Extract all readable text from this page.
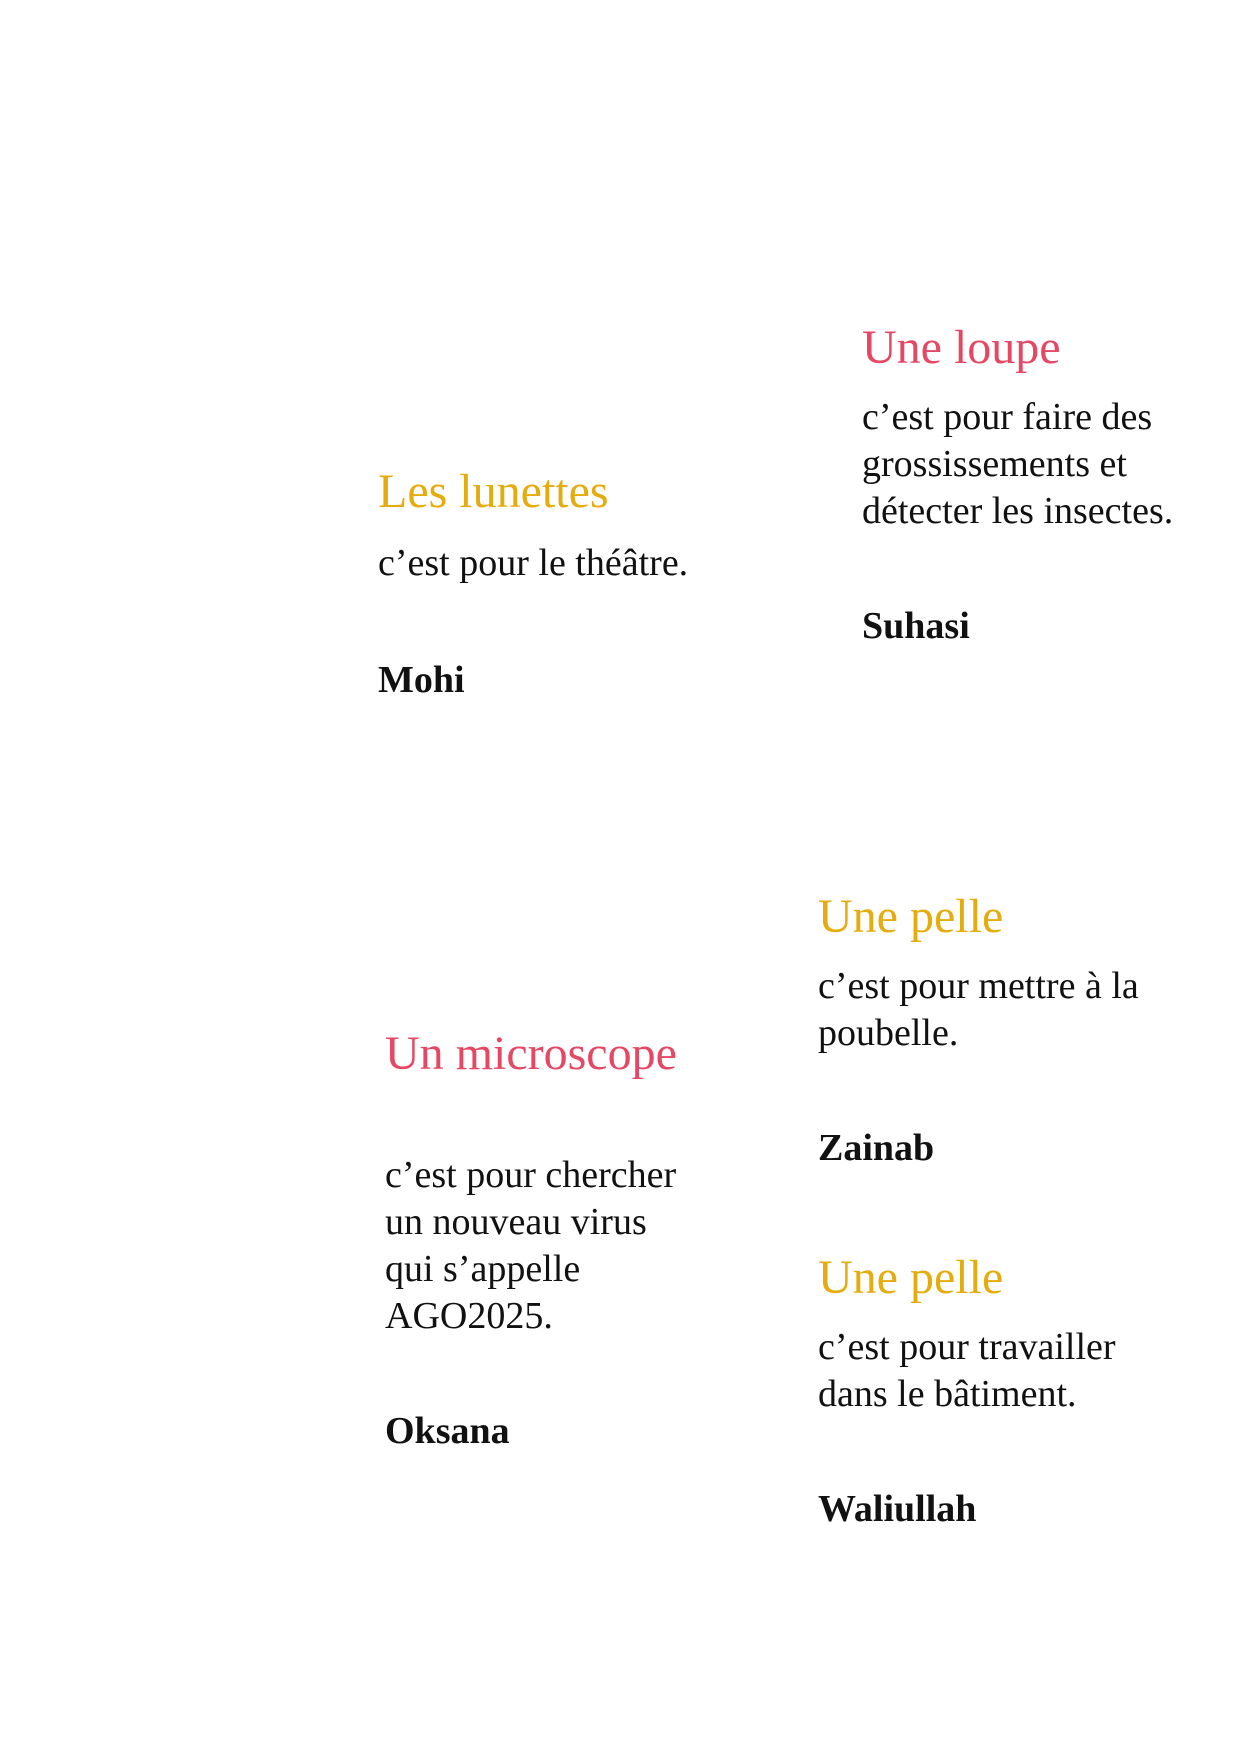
Les lunettes
c’est pour le théâtre.
Mohi
Une loupe
c’est pour faire des
grossissements et
détecter les insectes.
Suhasi
Une pelle
c’est pour mettre à la
poubelle.
Zainab
Un microscope
c’est pour chercher
un nouveau virus
qui s’appelle
AGO2025.
Oksana
Une pelle
c’est pour travailler
dans le bâtiment.
Waliullah
